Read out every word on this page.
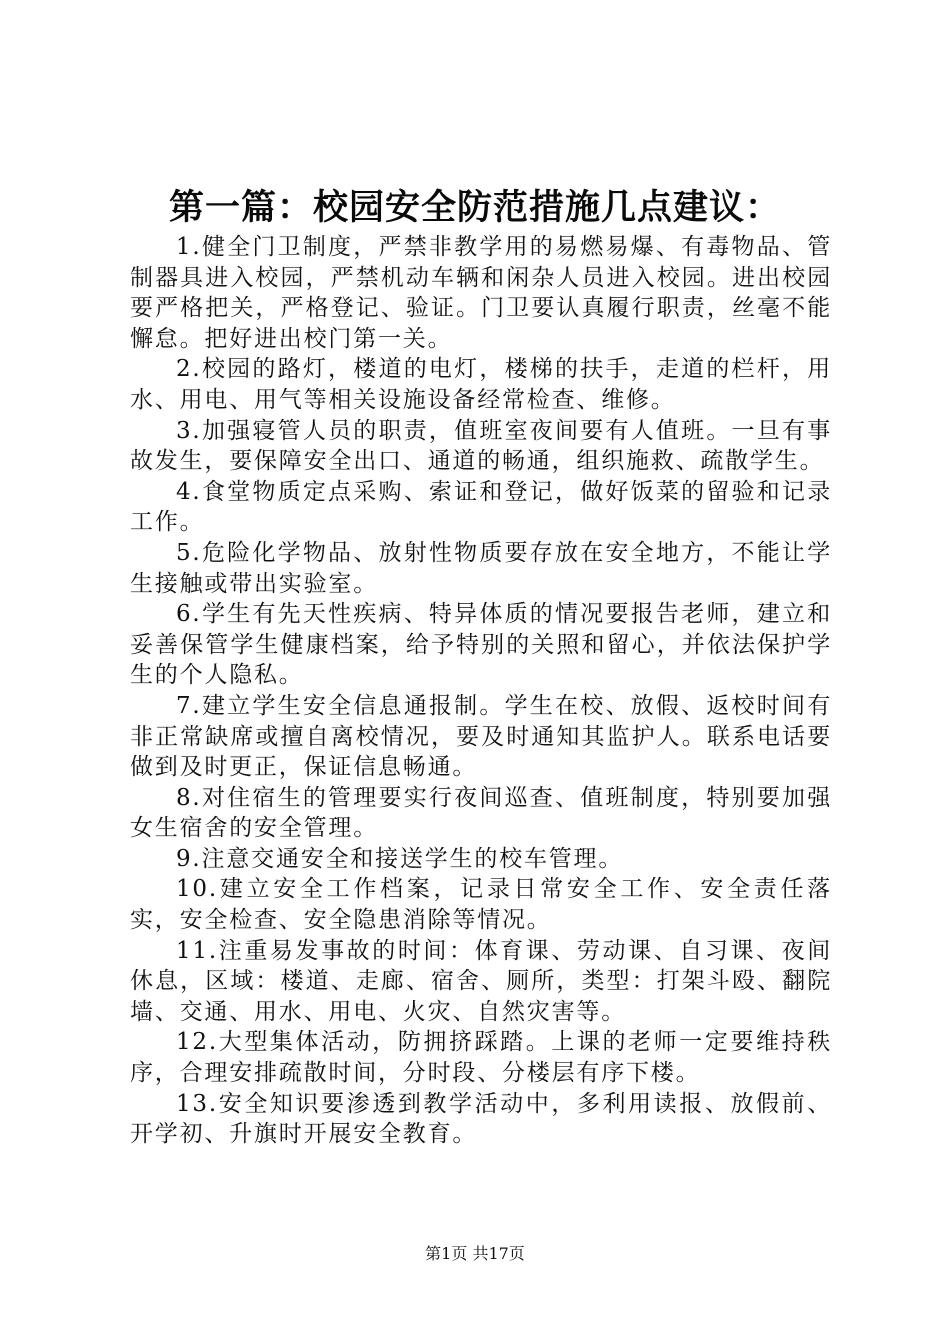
第一篇：校园安全防范措施几点建议：

1.健全门卫制度，严禁非教学用的易燃易爆、有毒物品、管制器具进入校园，严禁机动车辆和闲杂人员进入校园。进出校园要严格把关，严格登记、验证。门卫要认真履行职责，丝毫不能懈怠。把好进出校门第一关。

2.校园的路灯，楼道的电灯，楼梯的扶手，走道的栏杆，用水、用电、用气等相关设施设备经常检查、维修。

3.加强寝管人员的职责，值班室夜间要有人值班。一旦有事故发生，要保障安全出口、通道的畅通，组织施救、疏散学生。

4.食堂物质定点采购、索证和登记，做好饭菜的留验和记录工作。

5.危险化学物品、放射性物质要存放在安全地方，不能让学生接触或带出实验室。

6.学生有先天性疾病、特异体质的情况要报告老师，建立和妥善保管学生健康档案，给予特别的关照和留心，并依法保护学生的个人隐私。

7.建立学生安全信息通报制。学生在校、放假、返校时间有非正常缺席或擅自离校情况，要及时通知其监护人。联系电话要做到及时更正，保证信息畅通。

8.对住宿生的管理要实行夜间巡查、值班制度，特别要加强女生宿舍的安全管理。

9.注意交通安全和接送学生的校车管理。

10.建立安全工作档案，记录日常安全工作、安全责任落实，安全检查、安全隐患消除等情况。

11.注重易发事故的时间：体育课、劳动课、自习课、夜间休息，区域：楼道、走廊、宿舍、厕所，类型：打架斗殴、翻院墙、交通、用水、用电、火灾、自然灾害等。

12.大型集体活动，防拥挤踩踏。上课的老师一定要维持秩序，合理安排疏散时间，分时段、分楼层有序下楼。

13.安全知识要渗透到教学活动中，多利用读报、放假前、开学初、升旗时开展安全教育。

第1页 共17页
